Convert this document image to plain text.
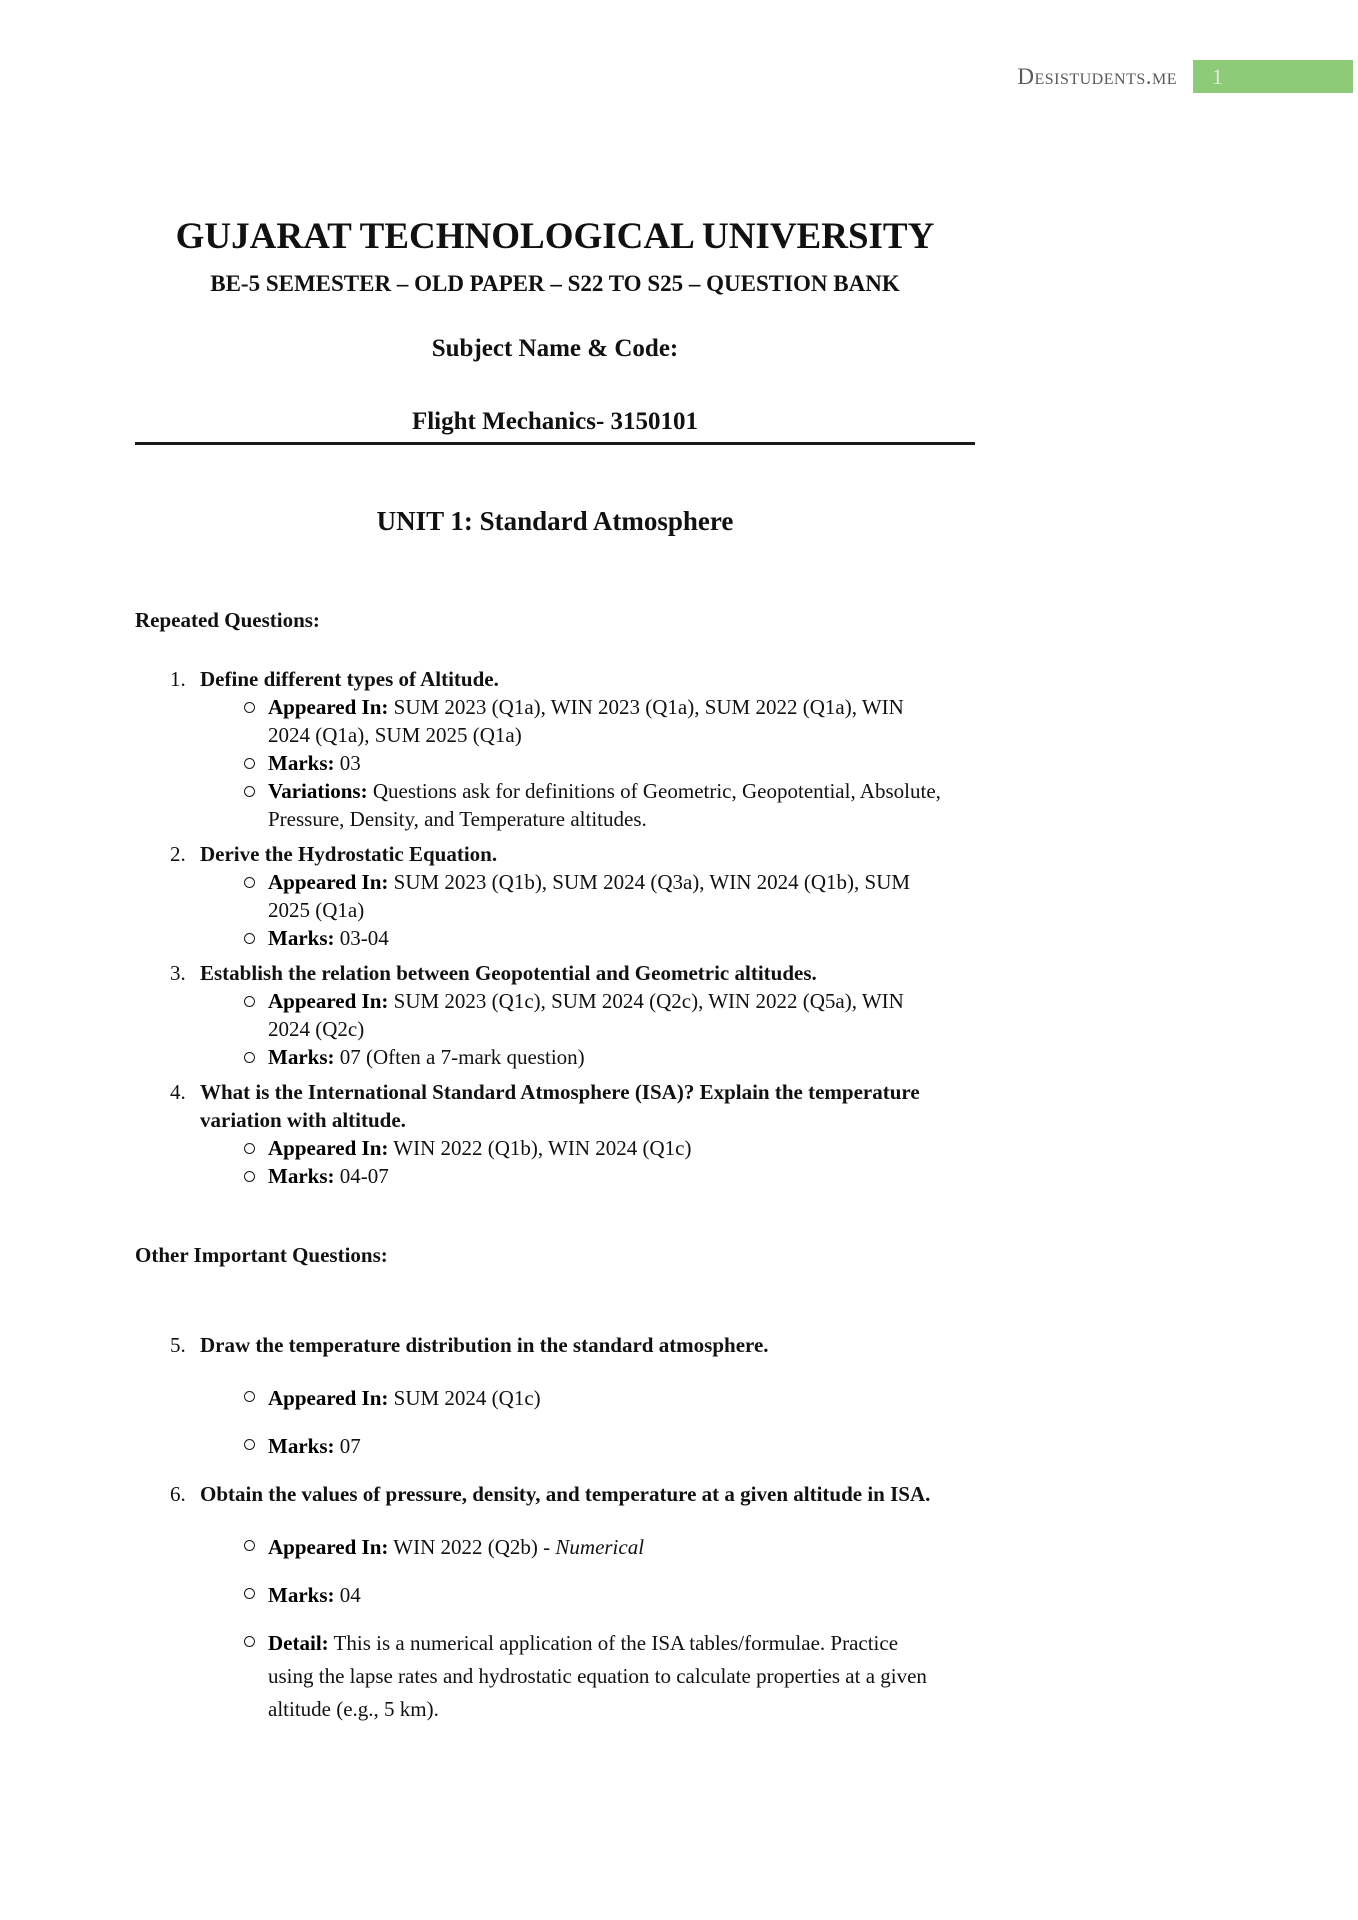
Desistudents.me 1
GUJARAT TECHNOLOGICAL UNIVERSITY
BE-5 SEMESTER – OLD PAPER – S22 TO S25 – QUESTION BANK
Subject Name & Code:
Flight Mechanics- 3150101
UNIT 1: Standard Atmosphere
Repeated Questions:
1. Define different types of Altitude.
Appeared In: SUM 2023 (Q1a), WIN 2023 (Q1a), SUM 2022 (Q1a), WIN 2024 (Q1a), SUM 2025 (Q1a)
Marks: 03
Variations: Questions ask for definitions of Geometric, Geopotential, Absolute, Pressure, Density, and Temperature altitudes.
2. Derive the Hydrostatic Equation.
Appeared In: SUM 2023 (Q1b), SUM 2024 (Q3a), WIN 2024 (Q1b), SUM 2025 (Q1a)
Marks: 03-04
3. Establish the relation between Geopotential and Geometric altitudes.
Appeared In: SUM 2023 (Q1c), SUM 2024 (Q2c), WIN 2022 (Q5a), WIN 2024 (Q2c)
Marks: 07 (Often a 7-mark question)
4. What is the International Standard Atmosphere (ISA)? Explain the temperature variation with altitude.
Appeared In: WIN 2022 (Q1b), WIN 2024 (Q1c)
Marks: 04-07
Other Important Questions:
5. Draw the temperature distribution in the standard atmosphere.
Appeared In: SUM 2024 (Q1c)
Marks: 07
6. Obtain the values of pressure, density, and temperature at a given altitude in ISA.
Appeared In: WIN 2022 (Q2b) - Numerical
Marks: 04
Detail: This is a numerical application of the ISA tables/formulae. Practice using the lapse rates and hydrostatic equation to calculate properties at a given altitude (e.g., 5 km).
